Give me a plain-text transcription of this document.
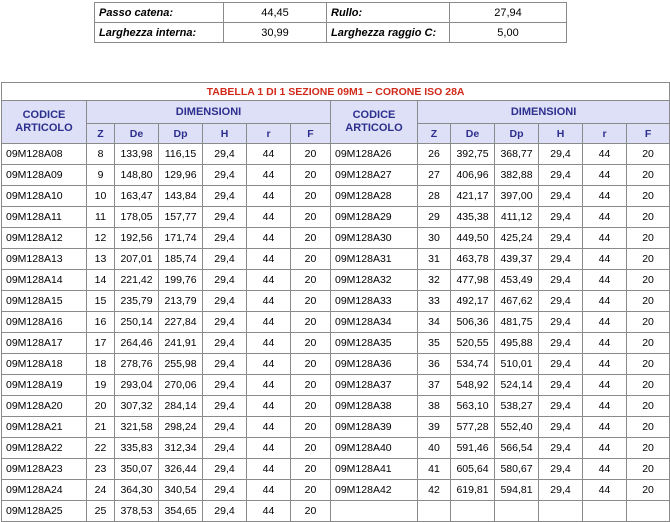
Passo catena:	44,45	Rullo:	27,94
Larghezza interna:	30,99	Larghezza raggio C:	5,00
TABELLA 1 DI 1 SEZIONE 09M1 – CORONE ISO 28A													
CODICE ARTICOLO	DIMENSIONI						CODICE ARTICOLO	DIMENSIONI					
	Z	De	Dp	H	r	F		Z	De	Dp	H	r	F
09M128A08	8	133,98	116,15	29,4	44	20	09M128A26	26	392,75	368,77	29,4	44	20
09M128A09	9	148,80	129,96	29,4	44	20	09M128A27	27	406,96	382,88	29,4	44	20
09M128A10	10	163,47	143,84	29,4	44	20	09M128A28	28	421,17	397,00	29,4	44	20
09M128A11	11	178,05	157,77	29,4	44	20	09M128A29	29	435,38	411,12	29,4	44	20
09M128A12	12	192,56	171,74	29,4	44	20	09M128A30	30	449,50	425,24	29,4	44	20
09M128A13	13	207,01	185,74	29,4	44	20	09M128A31	31	463,78	439,37	29,4	44	20
09M128A14	14	221,42	199,76	29,4	44	20	09M128A32	32	477,98	453,49	29,4	44	20
09M128A15	15	235,79	213,79	29,4	44	20	09M128A33	33	492,17	467,62	29,4	44	20
09M128A16	16	250,14	227,84	29,4	44	20	09M128A34	34	506,36	481,75	29,4	44	20
09M128A17	17	264,46	241,91	29,4	44	20	09M128A35	35	520,55	495,88	29,4	44	20
09M128A18	18	278,76	255,98	29,4	44	20	09M128A36	36	534,74	510,01	29,4	44	20
09M128A19	19	293,04	270,06	29,4	44	20	09M128A37	37	548,92	524,14	29,4	44	20
09M128A20	20	307,32	284,14	29,4	44	20	09M128A38	38	563,10	538,27	29,4	44	20
09M128A21	21	321,58	298,24	29,4	44	20	09M128A39	39	577,28	552,40	29,4	44	20
09M128A22	22	335,83	312,34	29,4	44	20	09M128A40	40	591,46	566,54	29,4	44	20
09M128A23	23	350,07	326,44	29,4	44	20	09M128A41	41	605,64	580,67	29,4	44	20
09M128A24	24	364,30	340,54	29,4	44	20	09M128A42	42	619,81	594,81	29,4	44	20
09M128A25	25	378,53	354,65	29,4	44	20							
